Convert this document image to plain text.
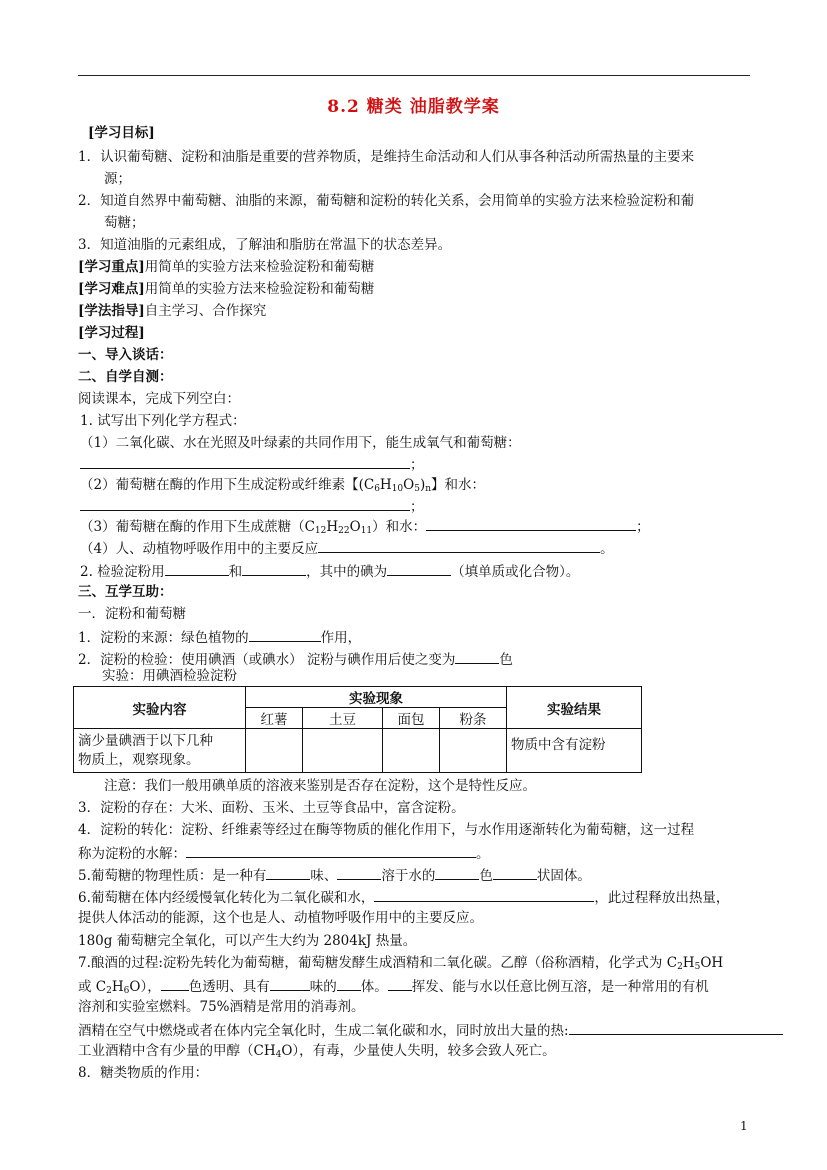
8.2 糖类 油脂教学案
[学习目标]
1．认识葡萄糖、淀粉和油脂是重要的营养物质，是维持生命活动和人们从事各种活动所需热量的主要来
源；
2．知道自然界中葡萄糖、油脂的来源，葡萄糖和淀粉的转化关系，会用简单的实验方法来检验淀粉和葡
萄糖；
3．知道油脂的元素组成，了解油和脂肪在常温下的状态差异。
[学习重点]用简单的实验方法来检验淀粉和葡萄糖
[学习难点]用简单的实验方法来检验淀粉和葡萄糖
[学法指导]自主学习、合作探究
[学习过程]
一、导入谈话：
二、自学自测：
阅读课本，完成下列空白：
1. 试写出下列化学方程式：
（1）二氧化碳、水在光照及叶绿素的共同作用下，能生成氧气和葡萄糖：
；
（2）葡萄糖在酶的作用下生成淀粉或纤维素【$(C_6H_{10}O_5)_n$】和水：
；
（3）葡萄糖在酶的作用下生成蔗糖$(C_{12}H_{22}O_{11})$和水：	；
（4）人、动植物呼吸作用中的主要反应	。
2. 检验淀粉用	和	，其中的碘为	（填单质或化合物）。
三、互学互助：
一．淀粉和葡萄糖
1．淀粉的来源：绿色植物的	作用，
2．淀粉的检验：使用碘酒（或碘水） 淀粉与碘作用后使之变为	色
实验：用碘酒检验淀粉
实验内容	实验现象				实验结果
	红薯	土豆	面包	粉条	

滴少量碘酒于以下几种
物质上，观察现象。					物质中含有淀粉
注意：我们一般用碘单质的溶液来鉴别是否存在淀粉，这个是特性反应。
3．淀粉的存在：大米、面粉、玉米、土豆等食品中，富含淀粉。
4．淀粉的转化：淀粉、纤维素等经过在酶等物质的催化作用下，与水作用逐渐转化为葡萄糖，这一过程
称为淀粉的水解：	。
5.葡萄糖的物理性质：是一种有	味、	溶于水的	色	状固体。
6.葡萄糖在体内经缓慢氧化转化为二氧化碳和水，	，此过程释放出热量，
提供人体活动的能源，这个也是人、动植物呼吸作用中的主要反应。
180g 葡萄糖完全氧化，可以产生大约为 2804kJ 热量。
7.酿酒的过程:淀粉先转化为葡萄糖，葡萄糖发酵生成酒精和二氧化碳。乙醇（俗称酒精，化学式为 $C_2H_5OH$
或 $C_2H_6O$）， 色透明、具有	味的 体。 挥发、能与水以任意比例互溶，是一种常用的有机
溶剂和实验室燃料。75%酒精是常用的消毒剂。
酒精在空气中燃烧或者在体内完全氧化时，生成二氧化碳和水，同时放出大量的热:
工业酒精中含有少量的甲醇$(CH_4O)$，有毒，少量使人失明，较多会致人死亡。
8．糖类物质的作用：
1
